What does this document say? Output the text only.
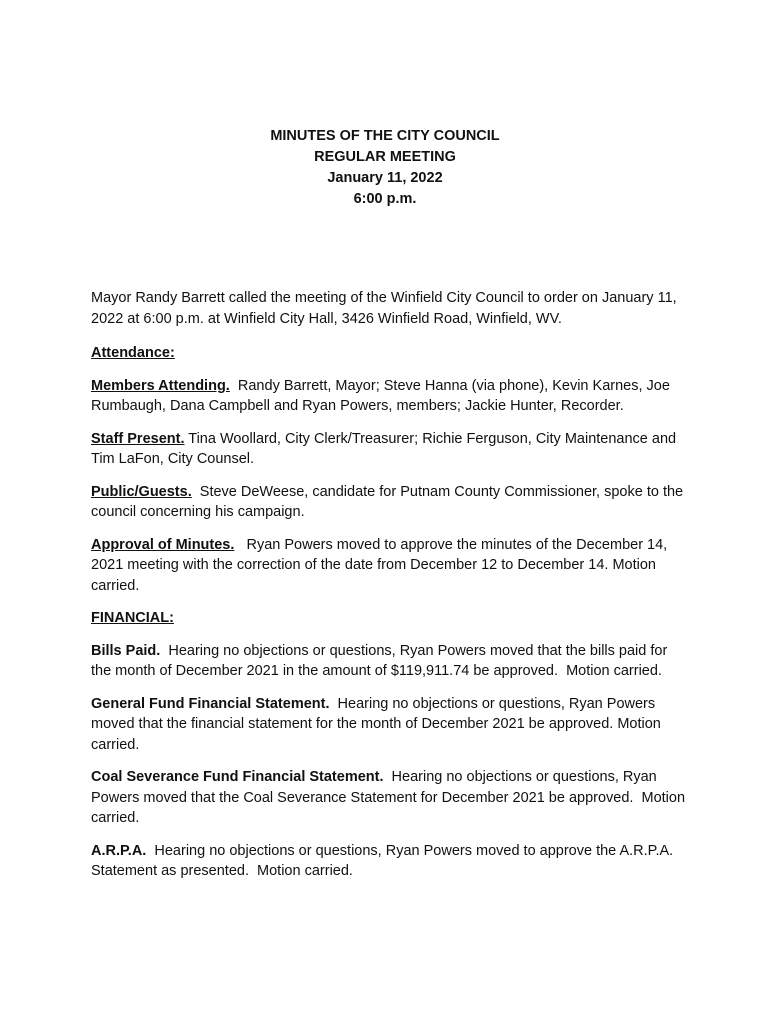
MINUTES OF THE CITY COUNCIL
REGULAR MEETING
January 11, 2022
6:00 p.m.

Mayor Randy Barrett called the meeting of the Winfield City Council to order on January 11, 2022 at 6:00 p.m. at Winfield City Hall, 3426 Winfield Road, Winfield, WV.

Attendance:

Members Attending.  Randy Barrett, Mayor; Steve Hanna (via phone), Kevin Karnes, Joe Rumbaugh, Dana Campbell and Ryan Powers, members; Jackie Hunter, Recorder.

Staff Present. Tina Woollard, City Clerk/Treasurer; Richie Ferguson, City Maintenance and Tim LaFon, City Counsel.

Public/Guests.  Steve DeWeese, candidate for Putnam County Commissioner, spoke to the council concerning his campaign.

Approval of Minutes.   Ryan Powers moved to approve the minutes of the December 14, 2021 meeting with the correction of the date from December 12 to December 14. Motion carried.

FINANCIAL:

Bills Paid.  Hearing no objections or questions, Ryan Powers moved that the bills paid for the month of December 2021 in the amount of $119,911.74 be approved.  Motion carried.

General Fund Financial Statement.  Hearing no objections or questions, Ryan Powers moved that the financial statement for the month of December 2021 be approved. Motion carried.

Coal Severance Fund Financial Statement.  Hearing no objections or questions, Ryan Powers moved that the Coal Severance Statement for December 2021 be approved.  Motion carried.

A.R.P.A.  Hearing no objections or questions, Ryan Powers moved to approve the A.R.P.A. Statement as presented.  Motion carried.
